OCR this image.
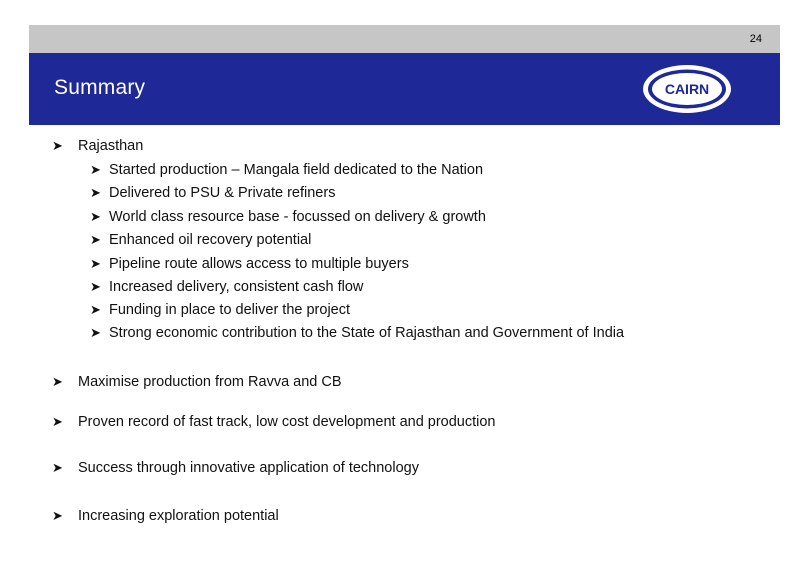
24
Summary	CAIRN
➤	Rajasthan
➤ Started production – Mangala field dedicated to the Nation
➤ Delivered to PSU & Private refiners
➤ World class resource base - focussed on delivery & growth
➤ Enhanced oil recovery potential
➤ Pipeline route allows access to multiple buyers
➤ Increased delivery, consistent cash flow
➤ Funding in place to deliver the project
➤ Strong economic contribution to the State of Rajasthan and Government of India
➤	Maximise production from Ravva and CB
➤	Proven record of fast track, low cost development and production
➤	Success through innovative application of technology
➤	Increasing exploration potential
